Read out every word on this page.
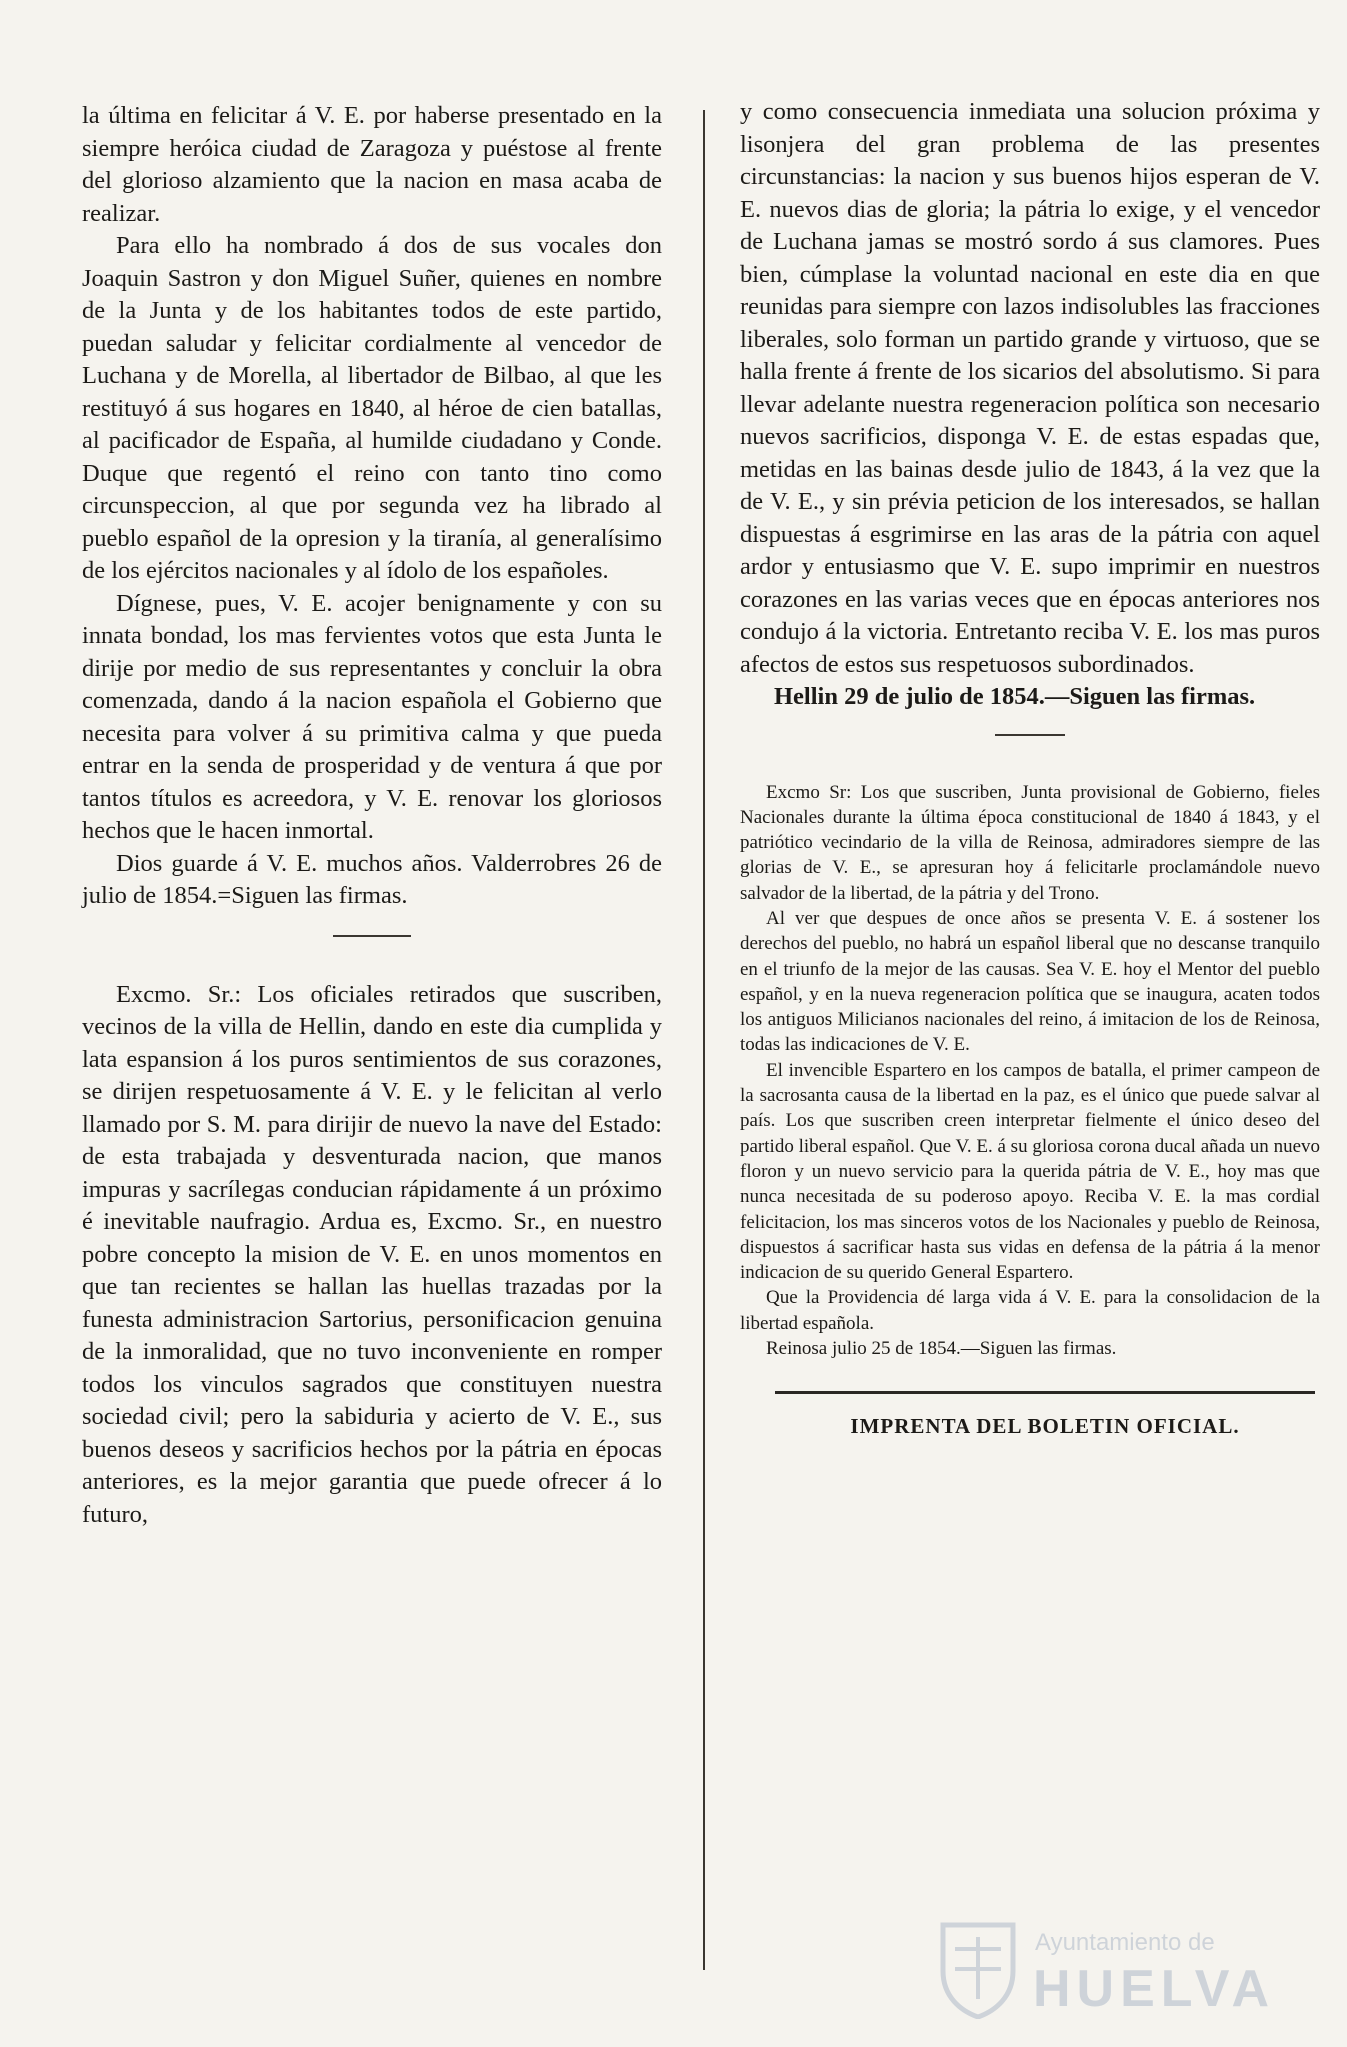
la última en felicitar á V. E. por haberse presentado en la siempre heróica ciudad de Zaragoza y puéstose al frente del glorioso alzamiento que la nacion en masa acaba de realizar.

Para ello ha nombrado á dos de sus vocales don Joaquin Sastron y don Miguel Suñer, quienes en nombre de la Junta y de los habitantes todos de este partido, puedan saludar y felicitar cordialmente al vencedor de Luchana y de Morella, al libertador de Bilbao, al que les restituyó á sus hogares en 1840, al héroe de cien batallas, al pacificador de España, al humilde ciudadano y Conde. Duque que regentó el reino con tanto tino como circunspeccion, al que por segunda vez ha librado al pueblo español de la opresion y la tiranía, al generalísimo de los ejércitos nacionales y al ídolo de los españoles.

Dígnese, pues, V. E. acojer benignamente y con su innata bondad, los mas fervientes votos que esta Junta le dirije por medio de sus representantes y concluir la obra comenzada, dando á la nacion española el Gobierno que necesita para volver á su primitiva calma y que pueda entrar en la senda de prosperidad y de ventura á que por tantos títulos es acreedora, y V. E. renovar los gloriosos hechos que le hacen inmortal.

Dios guarde á V. E. muchos años. Valderrobres 26 de julio de 1854.=Siguen las firmas.

Excmo. Sr.: Los oficiales retirados que suscriben, vecinos de la villa de Hellin, dando en este dia cumplida y lata espansion á los puros sentimientos de sus corazones, se dirijen respetuosamente á V. E. y le felicitan al verlo llamado por S. M. para dirijir de nuevo la nave del Estado: de esta trabajada y desventurada nacion, que manos impuras y sacrílegas conducian rápidamente á un próximo é inevitable naufragio. Ardua es, Excmo. Sr., en nuestro pobre concepto la mision de V. E. en unos momentos en que tan recientes se hallan las huellas trazadas por la funesta administracion Sartorius, personificacion genuina de la inmoralidad, que no tuvo inconveniente en romper todos los vinculos sagrados que constituyen nuestra sociedad civil; pero la sabiduria y acierto de V. E., sus buenos deseos y sacrificios hechos por la pátria en épocas anteriores, es la mejor garantia que puede ofrecer á lo futuro,

y como consecuencia inmediata una solucion próxima y lisonjera del gran problema de las presentes circunstancias: la nacion y sus buenos hijos esperan de V. E. nuevos dias de gloria; la pátria lo exige, y el vencedor de Luchana jamas se mostró sordo á sus clamores. Pues bien, cúmplase la voluntad nacional en este dia en que reunidas para siempre con lazos indisolubles las fracciones liberales, solo forman un partido grande y virtuoso, que se halla frente á frente de los sicarios del absolutismo. Si para llevar adelante nuestra regeneracion política son necesario nuevos sacrificios, disponga V. E. de estas espadas que, metidas en las bainas desde julio de 1843, á la vez que la de V. E., y sin prévia peticion de los interesados, se hallan dispuestas á esgrimirse en las aras de la pátria con aquel ardor y entusiasmo que V. E. supo imprimir en nuestros corazones en las varias veces que en épocas anteriores nos condujo á la victoria. Entretanto reciba V. E. los mas puros afectos de estos sus respetuosos subordinados.

Hellin 29 de julio de 1854.—Siguen las firmas.

Excmo Sr: Los que suscriben, Junta provisional de Gobierno, fieles Nacionales durante la última época constitucional de 1840 á 1843, y el patriótico vecindario de la villa de Reinosa, admiradores siempre de las glorias de V. E., se apresuran hoy á felicitarle proclamándole nuevo salvador de la libertad, de la pátria y del Trono.

Al ver que despues de once años se presenta V. E. á sostener los derechos del pueblo, no habrá un español liberal que no descanse tranquilo en el triunfo de la mejor de las causas. Sea V. E. hoy el Mentor del pueblo español, y en la nueva regeneracion política que se inaugura, acaten todos los antiguos Milicianos nacionales del reino, á imitacion de los de Reinosa, todas las indicaciones de V. E.

El invencible Espartero en los campos de batalla, el primer campeon de la sacrosanta causa de la libertad en la paz, es el único que puede salvar al país. Los que suscriben creen interpretar fielmente el único deseo del partido liberal español. Que V. E. á su gloriosa corona ducal añada un nuevo floron y un nuevo servicio para la querida pátria de V. E., hoy mas que nunca necesitada de su poderoso apoyo. Reciba V. E. la mas cordial felicitacion, los mas sinceros votos de los Nacionales y pueblo de Reinosa, dispuestos á sacrificar hasta sus vidas en defensa de la pátria á la menor indicacion de su querido General Espartero.

Que la Providencia dé larga vida á V. E. para la consolidacion de la libertad española.

Reinosa julio 25 de 1854.—Siguen las firmas.

IMPRENTA DEL BOLETIN OFICIAL.
Ayuntamiento de
HUELVA
